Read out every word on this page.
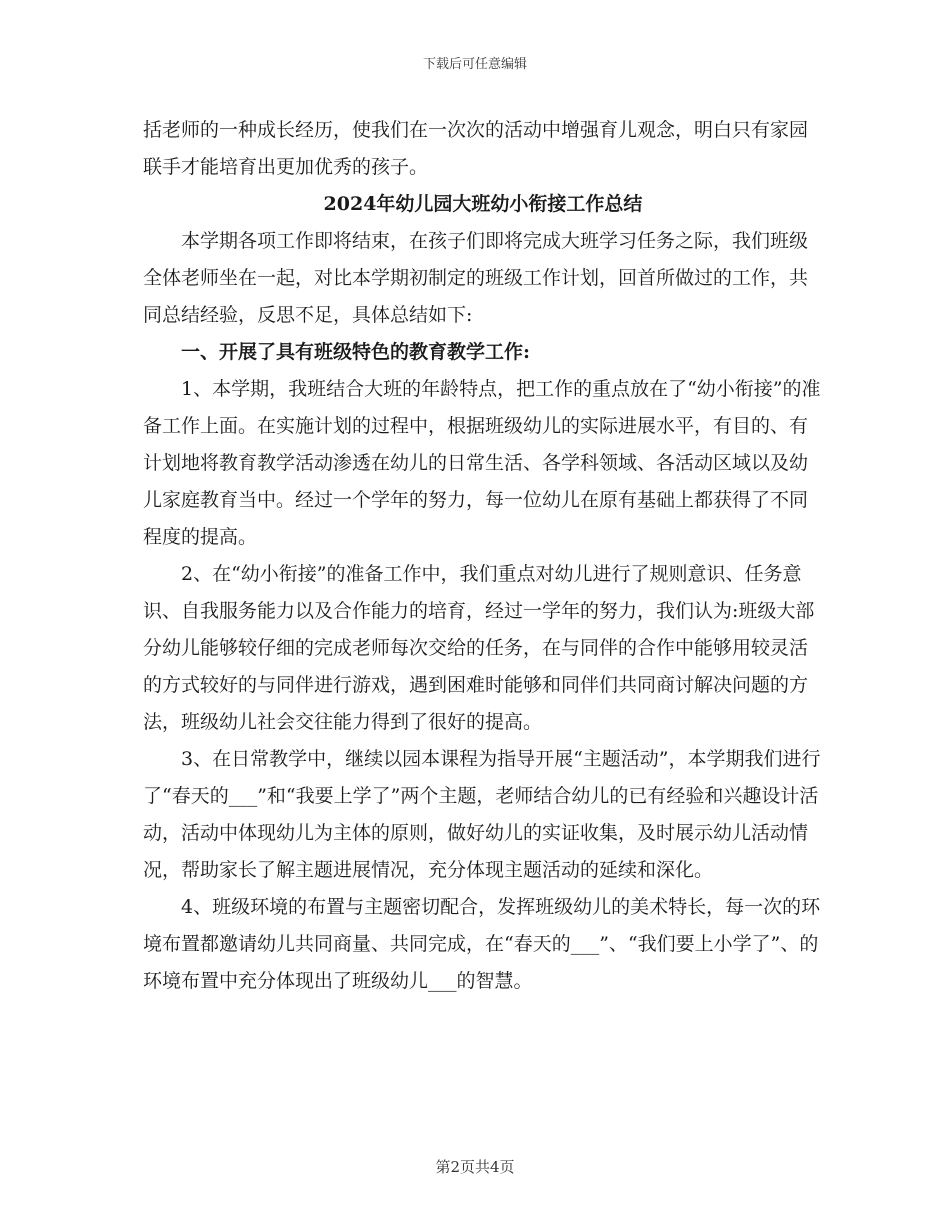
下载后可任意编辑

括老师的一种成长经历，使我们在一次次的活动中增强育儿观念，明白只有家园联手才能培育出更加优秀的孩子。

2024年幼儿园大班幼小衔接工作总结

本学期各项工作即将结束，在孩子们即将完成大班学习任务之际，我们班级全体老师坐在一起，对比本学期初制定的班级工作计划，回首所做过的工作，共同总结经验，反思不足，具体总结如下:

一、开展了具有班级特色的教育教学工作:

1、本学期，我班结合大班的年龄特点，把工作的重点放在了“幼小衔接”的准备工作上面。在实施计划的过程中，根据班级幼儿的实际进展水平，有目的、有计划地将教育教学活动渗透在幼儿的日常生活、各学科领域、各活动区域以及幼儿家庭教育当中。经过一个学年的努力，每一位幼儿在原有基础上都获得了不同程度的提高。

2、在“幼小衔接”的准备工作中，我们重点对幼儿进行了规则意识、任务意识、自我服务能力以及合作能力的培育，经过一学年的努力，我们认为:班级大部分幼儿能够较仔细的完成老师每次交给的任务，在与同伴的合作中能够用较灵活的方式较好的与同伴进行游戏，遇到困难时能够和同伴们共同商讨解决问题的方法，班级幼儿社会交往能力得到了很好的提高。

3、在日常教学中，继续以园本课程为指导开展“主题活动”，本学期我们进行了“春天的___”和“我要上学了”两个主题，老师结合幼儿的已有经验和兴趣设计活动，活动中体现幼儿为主体的原则，做好幼儿的实证收集，及时展示幼儿活动情况，帮助家长了解主题进展情况，充分体现主题活动的延续和深化。

4、班级环境的布置与主题密切配合，发挥班级幼儿的美术特长，每一次的环境布置都邀请幼儿共同商量、共同完成，在“春天的___”、“我们要上小学了”、的环境布置中充分体现出了班级幼儿___的智慧。

第2页共4页
